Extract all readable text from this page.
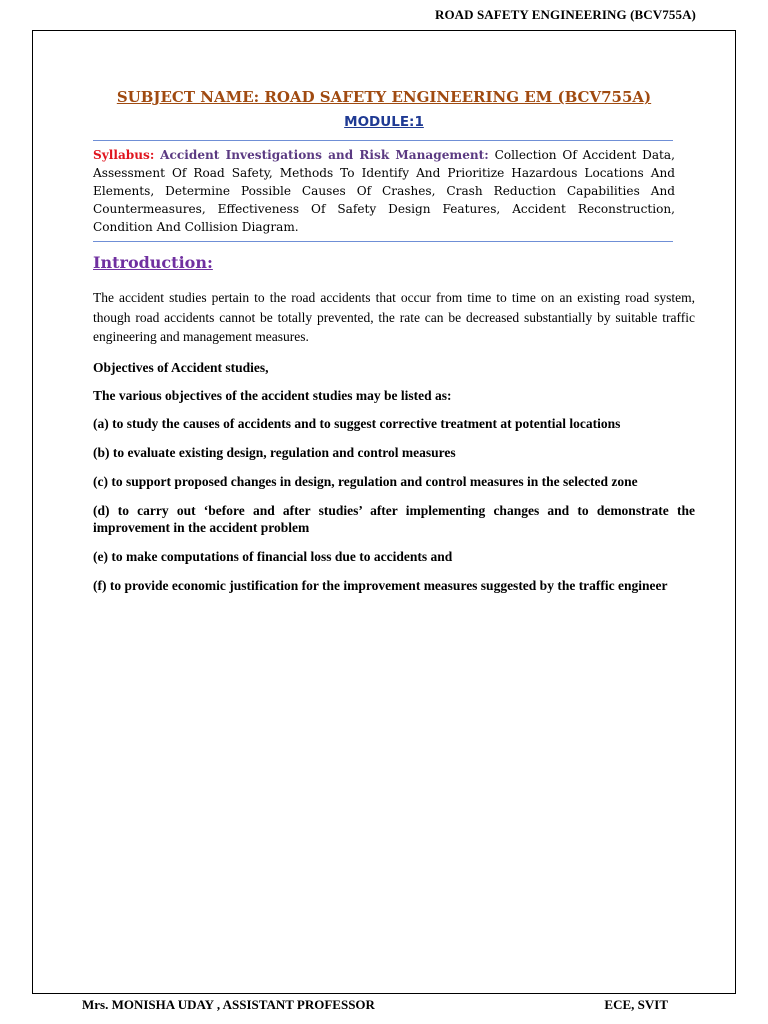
ROAD SAFETY ENGINEERING (BCV755A)
SUBJECT NAME: ROAD SAFETY ENGINEERING EM (BCV755A)
MODULE:1
Syllabus: Accident Investigations and Risk Management: Collection Of Accident Data, Assessment Of Road Safety, Methods To Identify And Prioritize Hazardous Locations And Elements, Determine Possible Causes Of Crashes, Crash Reduction Capabilities And Countermeasures, Effectiveness Of Safety Design Features, Accident Reconstruction, Condition And Collision Diagram.
Introduction:

The accident studies pertain to the road accidents that occur from time to time on an existing road system, though road accidents cannot be totally prevented, the rate can be decreased substantially by suitable traffic engineering and management measures.

Objectives of Accident studies,

The various objectives of the accident studies may be listed as:

(a) to study the causes of accidents and to suggest corrective treatment at potential locations
(b) to evaluate existing design, regulation and control measures
(c) to support proposed changes in design, regulation and control measures in the selected zone
(d) to carry out ‘before and after studies’ after implementing changes and to demonstrate the improvement in the accident problem
(e) to make computations of financial loss due to accidents and
(f) to provide economic justification for the improvement measures suggested by the traffic engineer
Mrs. MONISHA UDAY , ASSISTANT PROFESSOR	ECE, SVIT
